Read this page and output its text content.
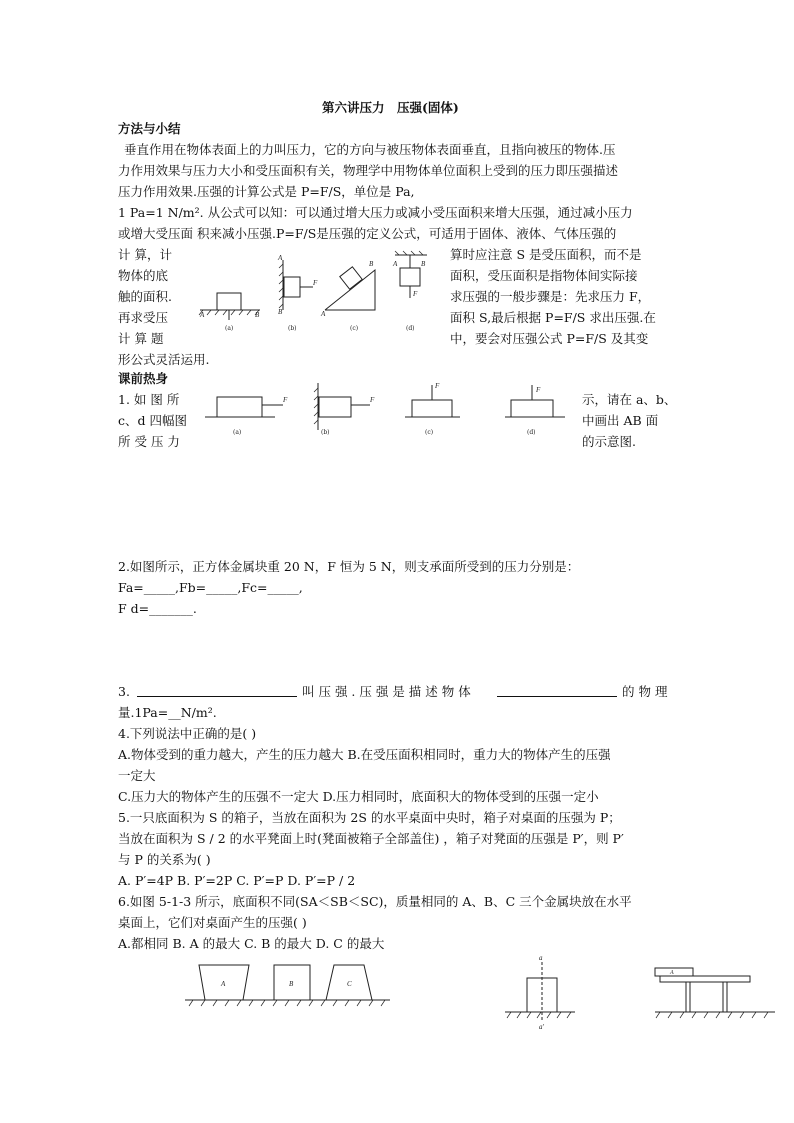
第六讲压力　压强(固体)
方法与小结
垂直作用在物体表面上的力叫压力，它的方向与被压物体表面垂直，且指向被压的物体.压
力作用效果与压力大小和受压面积有关，物理学中用物体单位面积上受到的压力即压强描述
压力作用效果.压强的计算公式是 P=F/S，单位是 Pa,
1 Pa=1 N/m². 从公式可以知：可以通过增大压力或减小受压面积来增大压强，通过减小压力
或增大受压面 积来减小压强.P=F/S是压强的定义公式，可适用于固体、液体、气体压强的
计 算，计
物体的底
触的面积.
再求受压
计 算 题
形公式灵活运用.
算时应注意 S 是受压面积，而不是
面积，受压面积是指物体间实际接
求压强的一般步骤是：先求压力 F，
面积 S,最后根据 P=F/S 求出压强.在
中，要会对压强公式 P=F/S 及其变
A	B
A
B
F
A
B	A	B
F
(a)	(b)	(c)	(d)
课前热身
1. 如 图 所
c、d 四幅图
所 受 压 力
示，请在 a、b、
中画出 AB 面
的示意图.
(a)	(b)	(c)	(d)
F	F
F	F
2.如图所示，正方体金属块重 20 N，F 恒为 5 N，则支承面所受到的压力分别是：
Fa=_____,Fb=_____,Fc=_____,
F d=_______.
3.	叫 压 强 . 压 强 是 描 述 物 体	的 物 理
量.1Pa=__N/m².
4.下列说法中正确的是( )
A.物体受到的重力越大，产生的压力越大 B.在受压面积相同时，重力大的物体产生的压强
一定大
C.压力大的物体产生的压强不一定大 D.压力相同时，底面积大的物体受到的压强一定小
5.一只底面积为 S 的箱子，当放在面积为 2S 的水平桌面中央时，箱子对桌面的压强为 P；
当放在面积为 S / 2 的水平凳面上时(凳面被箱子全部盖住) ，箱子对凳面的压强是 P′，则 P′
与 P 的关系为( )
A. P′=4P B. P′=2P C. P′=P D. P′=P / 2
6.如图 5-1-3 所示，底面积不同(SA＜SB＜SC)，质量相同的 A、B、C 三个金属块放在水平
桌面上，它们对桌面产生的压强( )
A.都相同 B. A 的最大 C. B 的最大 D. C 的最大
A	B	C
a
a'
A
